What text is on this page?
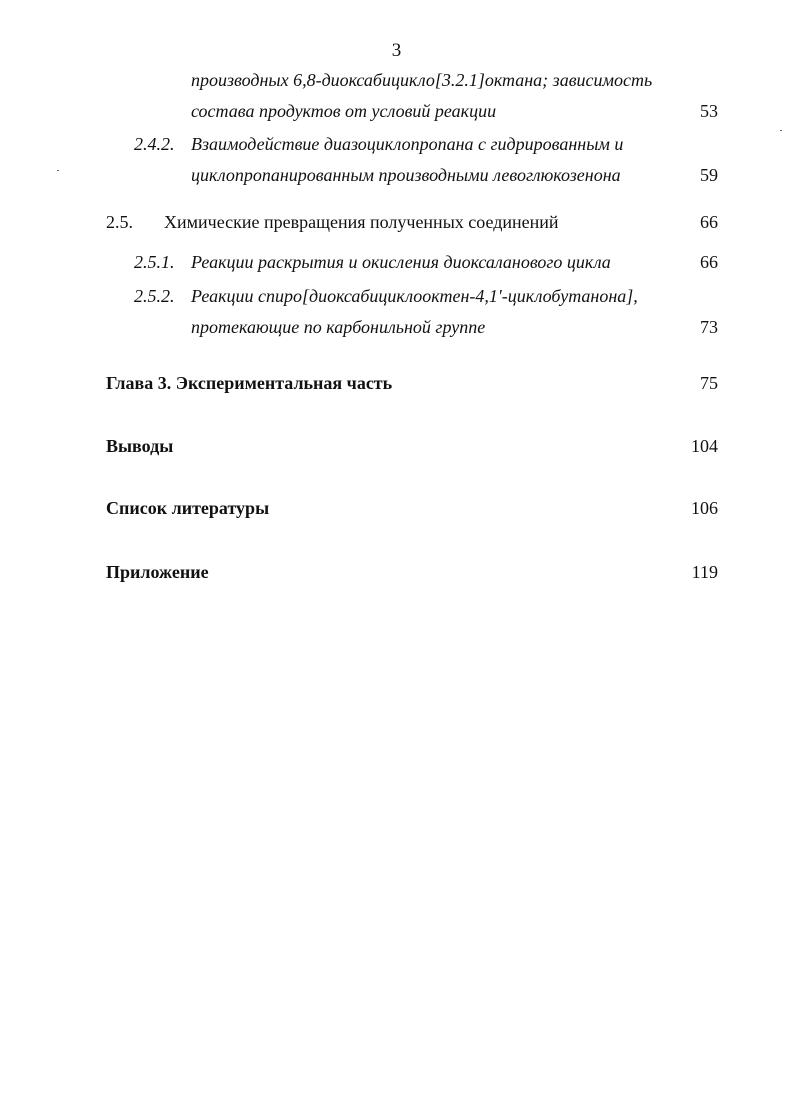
3
производных 6,8-диоксабицикло[3.2.1]октана; зависимость
состава продуктов от условий реакции	53
2.4.2. Взаимодействие диазоциклопропана с гидрированным и
циклопропанированным производными левоглюкозенона	59
2.5. Химические превращения полученных соединений	66
2.5.1. Реакции раскрытия и окисления диоксаланового цикла	66
2.5.2. Реакции спиро[диоксабициклооктен-4,1′-циклобутанона],
протекающие по карбонильной группе	73
Глава 3. Экспериментальная часть	75
Выводы	104
Список литературы	106
Приложение	119
